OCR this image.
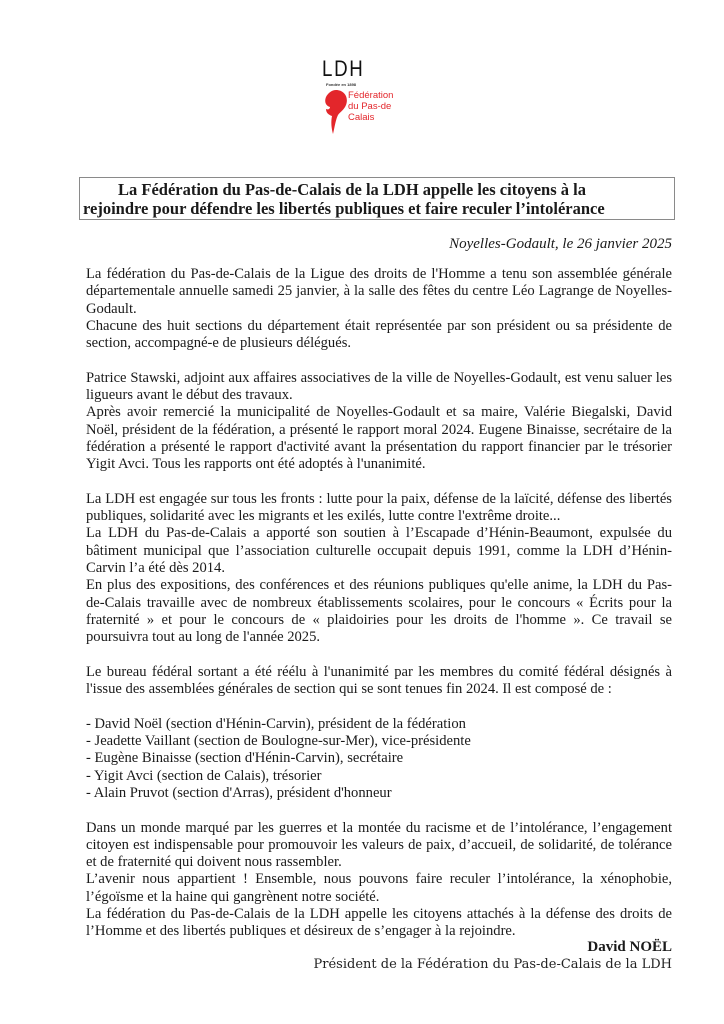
LDH
Fondée en 1898
Fédération
du Pas-de
Calais
La Fédération du Pas-de-Calais de la LDH appelle les citoyens à la
rejoindre pour défendre les libertés publiques et faire reculer l’intolérance
Noyelles-Godault, le 26 janvier 2025

La fédération du Pas-de-Calais de la Ligue des droits de l'Homme a tenu son assemblée générale départementale annuelle samedi 25 janvier, à la salle des fêtes du centre Léo Lagrange de Noyelles-Godault.

Chacune des huit sections du département était représentée par son président ou sa présidente de section, accompagné-e de plusieurs délégués.

Patrice Stawski, adjoint aux affaires associatives de la ville de Noyelles-Godault, est venu saluer les ligueurs avant le début des travaux.

Après avoir remercié la municipalité de Noyelles-Godault et sa maire, Valérie Biegalski, David Noël, président de la fédération, a présenté le rapport moral 2024. Eugene Binaisse, secrétaire de la fédération a présenté le rapport d'activité avant la présentation du rapport financier par le trésorier Yigit Avci. Tous les rapports ont été adoptés à l'unanimité.

La LDH est engagée sur tous les fronts : lutte pour la paix, défense de la laïcité, défense des libertés publiques, solidarité avec les migrants et les exilés, lutte contre l'extrême droite...

La LDH du Pas-de-Calais a apporté son soutien à l’Escapade d’Hénin-Beaumont, expulsée du bâtiment municipal que l’association culturelle occupait depuis 1991, comme la LDH d’Hénin-Carvin l’a été dès 2014.

En plus des expositions, des conférences et des réunions publiques qu'elle anime, la LDH du Pas-de-Calais travaille avec de nombreux établissements scolaires, pour le concours « Écrits pour la fraternité » et pour le concours de « plaidoiries pour les droits de l'homme ». Ce travail se poursuivra tout au long de l'année 2025.

Le bureau fédéral sortant a été réélu à l'unanimité par les membres du comité fédéral désignés à l'issue des assemblées générales de section qui se sont tenues fin 2024. Il est composé de :

- David Noël (section d'Hénin-Carvin), président de la fédération

- Jeadette Vaillant (section de Boulogne-sur-Mer), vice-présidente

- Eugène Binaisse (section d'Hénin-Carvin), secrétaire

- Yigit Avci (section de Calais), trésorier

- Alain Pruvot (section d'Arras), président d'honneur

Dans un monde marqué par les guerres et la montée du racisme et de l’intolérance, l’engagement citoyen est indispensable pour promouvoir les valeurs de paix, d’accueil, de solidarité, de tolérance et de fraternité qui doivent nous rassembler.

L’avenir nous appartient ! Ensemble, nous pouvons faire reculer l’intolérance, la xénophobie, l’égoïsme et la haine qui gangrènent notre société.

La fédération du Pas-de-Calais de la LDH appelle les citoyens attachés à la défense des droits de l’Homme et des libertés publiques et désireux de s’engager à la rejoindre.

David NOËL
Président de la Fédération du Pas-de-Calais de la LDH
